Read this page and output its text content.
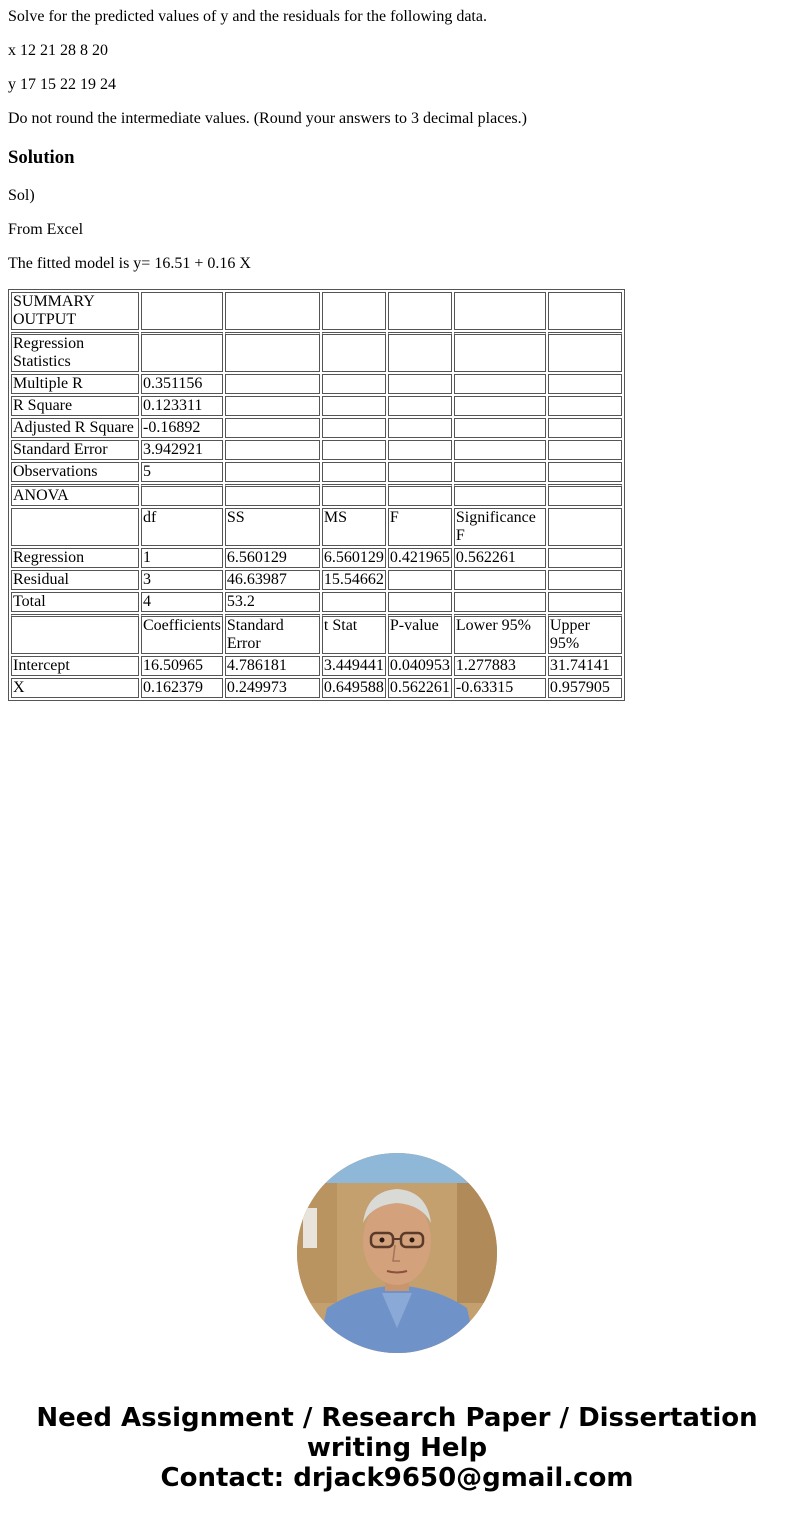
Solve for the predicted values of y and the residuals for the following data.

x 12 21 28 8 20

y 17 15 22 19 24

Do not round the intermediate values. (Round your answers to 3 decimal places.)

Solution

Sol)

From Excel

The fitted model is y= 16.51 + 0.16 X

SUMMARY OUTPUT						
Regression Statistics						
Multiple R	0.351156					
R Square	0.123311					
Adjusted R Square	-0.16892					
Standard Error	3.942921					
Observations	5					
ANOVA						
	df	SS	MS	F	Significance F	
Regression	1	6.560129	6.560129	0.421965	0.562261	
Residual	3	46.63987	15.54662			
Total	4	53.2				
	Coefficients	Standard Error	t Stat	P-value	Lower 95%	Upper 95%
Intercept	16.50965	4.786181	3.449441	0.040953	1.277883	31.74141
X	0.162379	0.249973	0.649588	0.562261	-0.63315	0.957905
Need Assignment / Research Paper / Dissertation
writing Help
Contact: drjack9650@gmail.com
